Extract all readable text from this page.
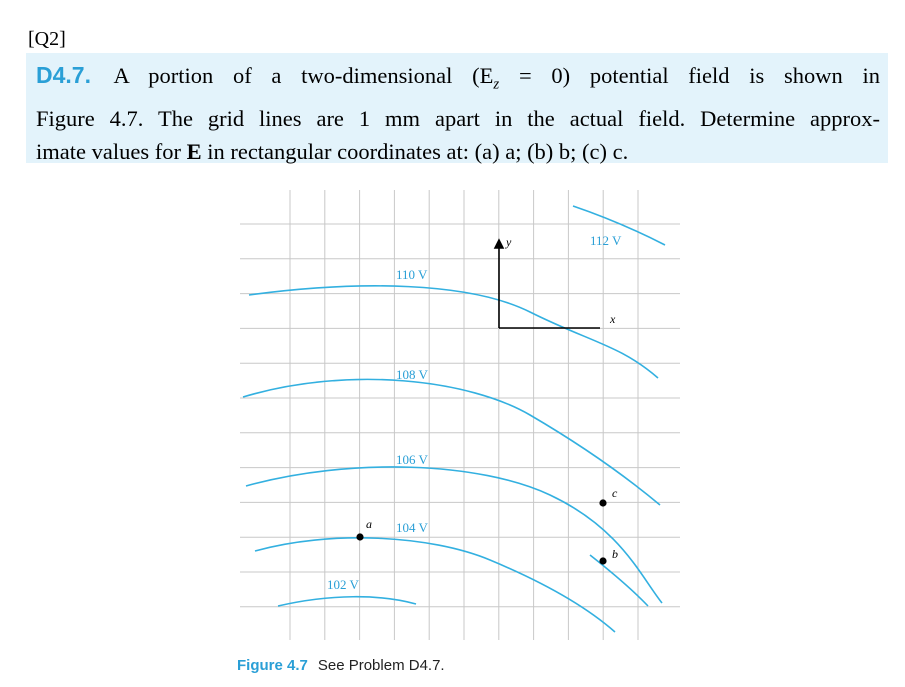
[Q2]
D4.7. A portion of a two-dimensional $(E_z = 0)$ potential field is shown in
Figure 4.7. The grid lines are 1 mm apart in the actual field. Determine approx-
imate values for E in rectangular coordinates at: (a) a; (b) b; (c) c.
y
x
112 V
110 V
108 V
106 V
104 V
102 V
a
b
c
Figure 4.7 See Problem D4.7.
